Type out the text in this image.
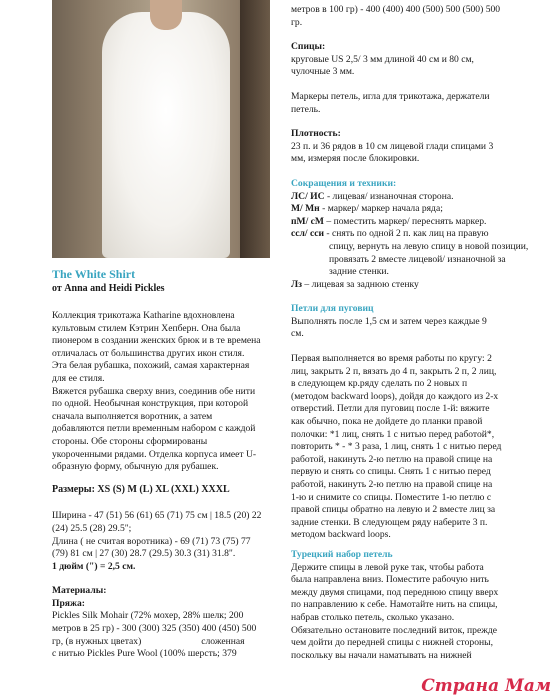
The White Shirt

от Anna and Heidi Pickles

Коллекция трикотажа Katharine вдохновлена

культовым стилем Кэтрин Хепберн. Она была

пионером в создании женских брюк и в те времена

отличалась от большинства других икон стиля.

Эта белая рубашка, похожий, самая характерная

для ее стиля.

Вяжется рубашка сверху вниз, соединив обе нити

по одной. Необычная конструкция, при которой

сначала выполняется воротник, а затем

добавляются петли временным набором с каждой

стороны. Обе стороны сформированы

укороченными рядами. Отделка корпуса имеет U-

образную форму, обычную для рубашек.

Размеры: XS (S) M (L) XL (XXL) XXXL

Ширина - 47 (51) 56 (61) 65 (71) 75 см | 18.5 (20) 22

(24) 25.5 (28) 29.5";

Длина ( не считая воротника) - 69 (71) 73 (75) 77

(79) 81 см | 27 (30) 28.7 (29.5) 30.3 (31) 31.8".

1 дюйм (") = 2,5 см.

Материалы:

Пряжа:

Pickles Silk Mohair (72% мохер, 28% шелк; 200

метров в 25 гр) - 300 (300) 325 (350) 400 (450) 500

гр, (в нужных цветах)                         сложенная

с нитью Pickles Pure Wool (100% шерсть; 379

метров в 100 гр) - 400 (400) 400 (500) 500 (500) 500

гр.

Спицы:

круговые US 2,5/ 3 мм длиной 40 см и 80 см,

чулочные 3 мм.

Маркеры петель, игла для трикотажа, держатели

петель.

Плотность:

23 п. и 36 рядов в 10 см лицевой глади спицами 3

мм, измеряя после блокировки.

Сокращения и техники:

ЛС/ ИС - лицевая/ изнаночная сторона.

М/ Мн - маркер/ маркер начала ряда;

пМ/ сМ – поместить маркер/ переснять маркер.

ссл/ сси - снять по одной 2 п. как лиц на правую

спицу, вернуть на левую спицу в новой позиции,

провязать 2 вместе лицевой/ изнаночной за

задние стенки.

Лз – лицевая за заднюю стенку

Петли для пуговиц

Выполнять после 1,5 см и затем через каждые 9

см.

Первая выполняется во время работы по кругу: 2

лиц, закрыть 2 п, вязать до 4 п, закрыть 2 п, 2 лиц,

в следующем кр.ряду сделать по 2 новых п

(методом backward loops), дойдя до каждого из 2-х

отверстий. Петли для пуговиц после 1-й: вяжите

как обычно, пока не дойдете до планки правой

полочки: *1 лиц, снять 1 с нитью перед работой*,

повторить * - * 3 раза, 1 лиц, снять 1 с нитью перед

работой, накинуть 2-ю петлю на правой спице на

первую и снять со спицы. Снять 1 с нитью перед

работой, накинуть 2-ю петлю на правой спице на

1-ю и снимите со спицы. Поместите 1-ю петлю с

правой спицы обратно на левую и 2 вместе лиц за

задние стенки. В следующем ряду наберите 3 п.

методом backward loops.

Турецкий набор петель

Держите спицы в левой руке так, чтобы работа

была направлена вниз. Поместите рабочую нить

между двумя спицами, под переднюю спицу вверх

по направлению к себе. Намотайте нить на спицы,

набрав столько петель, сколько указано.

Обязательно остановите последний виток, прежде

чем дойти до передней спицы с нижней стороны,

поскольку вы начали наматывать на нижней

Страна Мам
